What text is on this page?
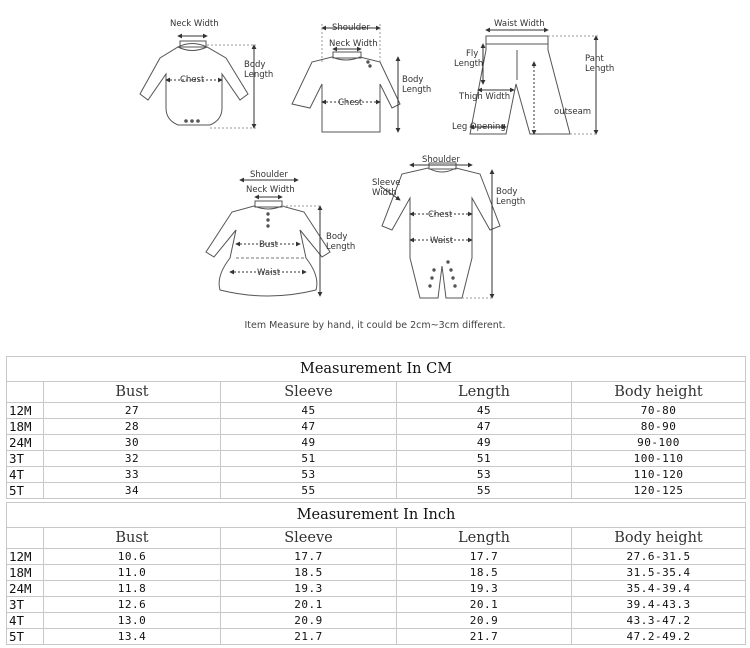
Neck Width
Chest
Body
Length
Shoulder
Neck Width
Chest
Body
Length
Waist Width
Fly
Length
Thigh Width
Leg Opening
outseam
Pant
Length
Shoulder
Neck Width
Bust
Waist
Body
Length
Shoulder
Sleeve
Width
Chest
Waist
Body
Length
Item Measure by hand, it could be 2cm~3cm different.
Measurement In CM				
	Bust	Sleeve	Length	Body height
12M	27	45	45	70-80
18M	28	47	47	80-90
24M	30	49	49	90-100
3T	32	51	51	100-110
4T	33	53	53	110-120
5T	34	55	55	120-125
Measurement In Inch				
	Bust	Sleeve	Length	Body height
12M	10.6	17.7	17.7	27.6-31.5
18M	11.0	18.5	18.5	31.5-35.4
24M	11.8	19.3	19.3	35.4-39.4
3T	12.6	20.1	20.1	39.4-43.3
4T	13.0	20.9	20.9	43.3-47.2
5T	13.4	21.7	21.7	47.2-49.2
